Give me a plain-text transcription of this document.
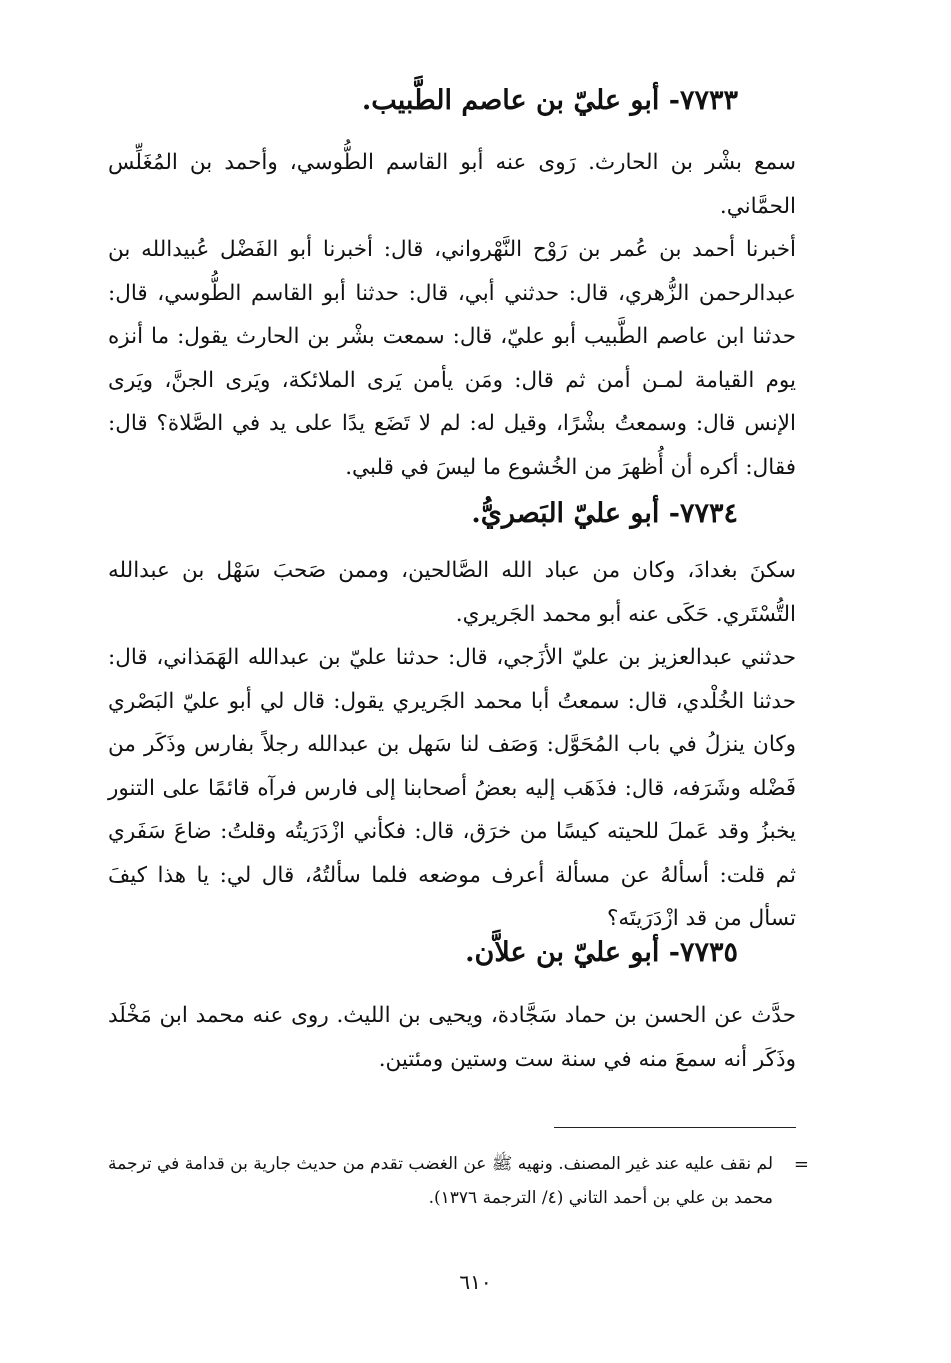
٧٧٣٣- أبو عليّ بن عاصم الطَّبيب.
سمع بشْر بن الحارث. رَوى عنه أبو القاسم الطُّوسي، وأحمد بن المُغَلِّس الحمَّاني.
أخبرنا أحمد بن عُمر بن رَوْح النَّهْرواني، قال: أخبرنا أبو الفَضْل عُبيدالله بن عبدالرحمن الزُّهري، قال: حدثني أبي، قال: حدثنا أبو القاسم الطُّوسي، قال: حدثنا ابن عاصم الطَّبيب أبو عليّ، قال: سمعت بشْر بن الحارث يقول: ما أنزه يوم القيامة لمـن أمن ثم قال: ومَن يأمن يَرى الملائكة، ويَرى الجنَّ، ويَرى الإنس قال: وسمعتُ بشْرًا، وقيل له: لم لا تَضَع يدًا على يد في الصَّلاة؟ قال: فقال: أكره أن أُظهرَ من الخُشوع ما ليسَ في قلبي.
٧٧٣٤- أبو عليّ البَصريُّ.
سكنَ بغدادَ، وكان من عباد الله الصَّالحين، وممن صَحبَ سَهْل بن عبدالله التُّسْتَري. حَكَى عنه أبو محمد الجَريري.
حدثني عبدالعزيز بن عليّ الأزَجي، قال: حدثنا عليّ بن عبدالله الهَمَذاني، قال: حدثنا الخُلْدي، قال: سمعتُ أبا محمد الجَريري يقول: قال لي أبو عليّ البَصْري وكان ينزلُ في باب المُحَوَّل: وَصَف لنا سَهل بن عبدالله رجلاً بفارس وذَكَر من فَضْله وشَرَفه، قال: فذَهَب إليه بعضُ أصحابنا إلى فارس فرآه قائمًا على التنور يخبزُ وقد عَملَ للحيته كيسًا من خرَق، قال: فكأني ازْدَرَيتُه وقلتُ: ضاعَ سَفَري ثم قلت: أسألهُ عن مسألة أعرف موضعه فلما سألتُهُ، قال لي: يا هذا كيفَ تسأل من قد ازْدَرَيتَه؟
٧٧٣٥- أبو عليّ بن علاَّن.
حدَّث عن الحسن بن حماد سَجَّادة، ويحيى بن الليث. روى عنه محمد ابن مَخْلَد وذَكَر أنه سمعَ منه في سنة ست وستين ومئتين.
=
لم نقف عليه عند غير المصنف. ونهيه ﷺ عن الغضب تقدم من حديث جارية بن قدامة في ترجمة محمد بن علي بن أحمد التاني (٤/ الترجمة ١٣٧٦).
٦١٠
